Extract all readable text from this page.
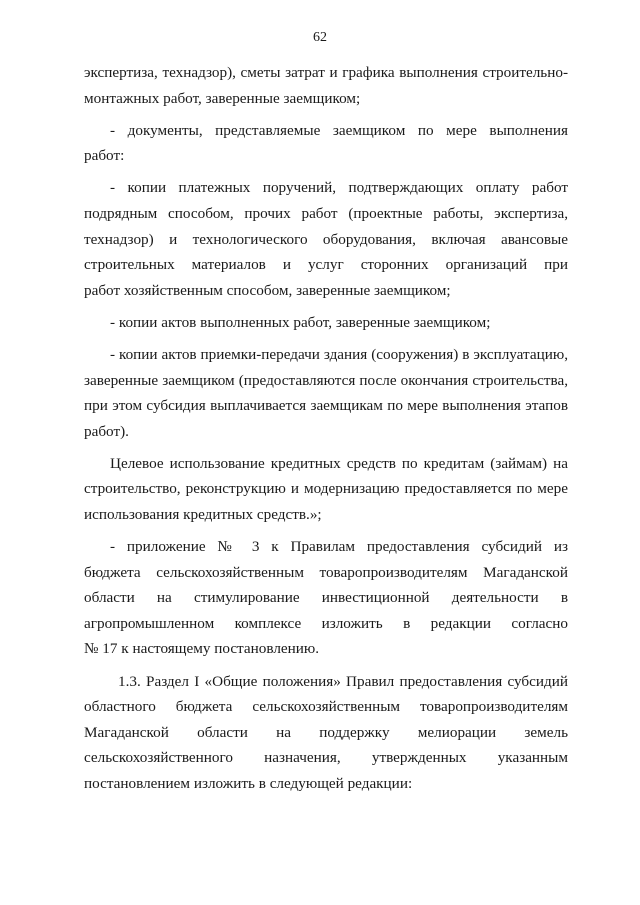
62
экспертиза, технадзор), сметы затрат и графика выполнения строительно-
монтажных работ, заверенные заемщиком;
- документы, представляемые заемщиком по мере выполнения
работ:
- копии платежных поручений, подтверждающих оплату работ
подрядным способом, прочих работ (проектные работы, экспертиза,
технадзор) и технологического оборудования, включая авансовые
строительных материалов и услуг сторонних организаций при
работ хозяйственным способом, заверенные заемщиком;
- копии актов выполненных работ, заверенные заемщиком;
- копии актов приемки-передачи здания (сооружения) в эксплуатацию,
заверенные заемщиком (предоставляются после окончания строительства,
при этом субсидия выплачивается заемщикам по мере выполнения этапов
работ).
Целевое использование кредитных средств по кредитам (займам) на
строительство, реконструкцию и модернизацию предоставляется по мере
использования кредитных средств.»;
- приложение № 3 к Правилам предоставления субсидий из
бюджета сельскохозяйственным товаропроизводителям Магаданской
области на стимулирование инвестиционной деятельности в
агропромышленном комплексе изложить в редакции согласно
№ 17 к настоящему постановлению.
1.3. Раздел I «Общие положения» Правил предоставления субсидий
областного бюджета сельскохозяйственным товаропроизводителям
Магаданской области на поддержку мелиорации земель
сельскохозяйственного назначения, утвержденных указанным
постановлением изложить в следующей редакции:
